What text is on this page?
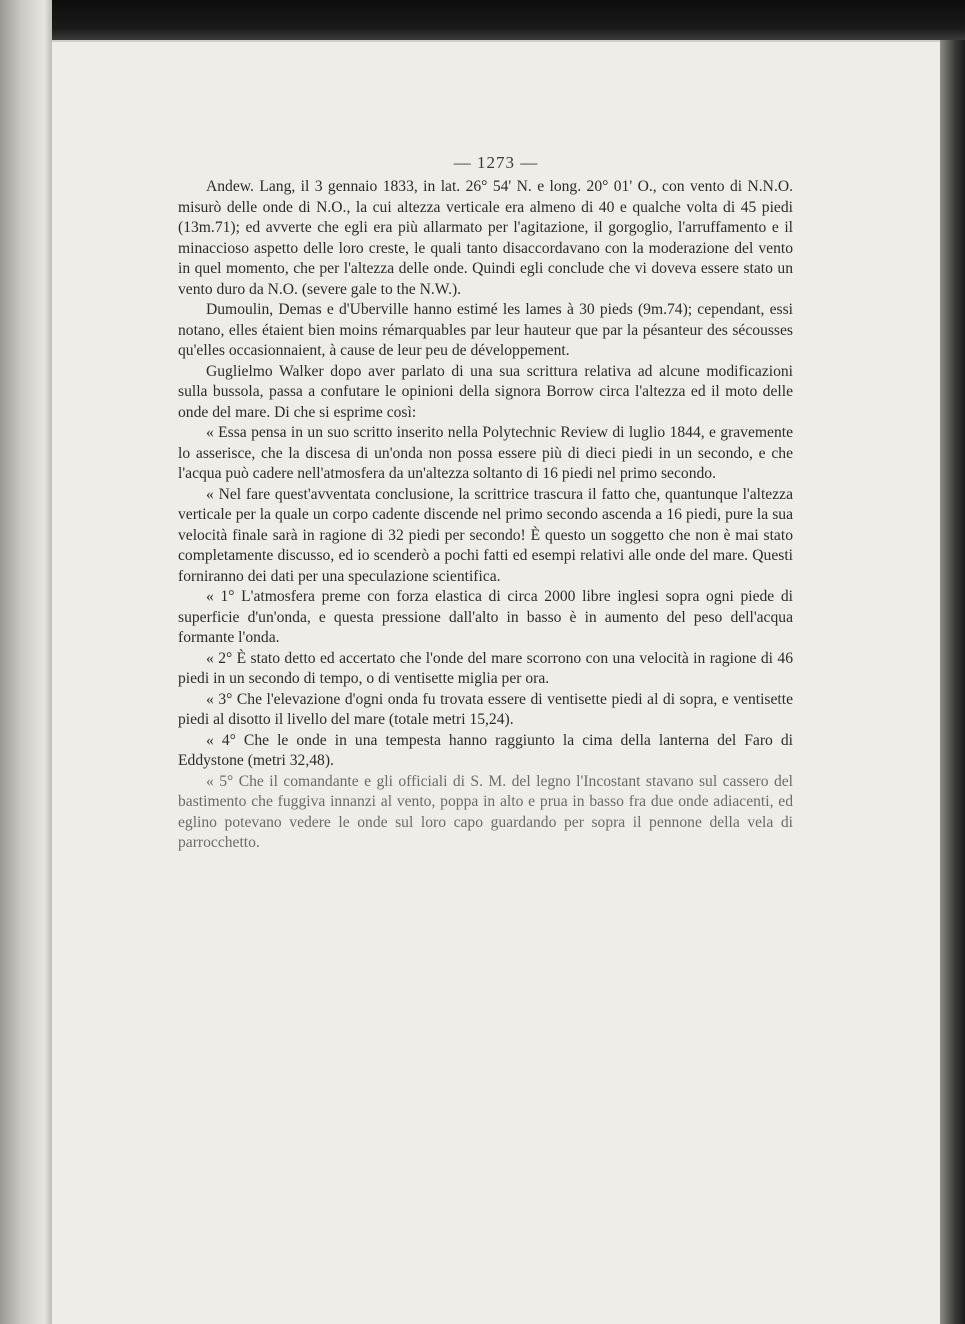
— 1273 —

Andew. Lang, il 3 gennaio 1833, in lat. 26° 54' N. e long. 20° 01' O., con vento di N.N.O. misurò delle onde di N.O., la cui altezza verticale era almeno di 40 e qualche volta di 45 piedi (13m.71); ed avverte che egli era più allarmato per l'agitazione, il gorgoglio, l'arruffamento e il minaccioso aspetto delle loro creste, le quali tanto disaccordavano con la moderazione del vento in quel momento, che per l'altezza delle onde. Quindi egli conclude che vi doveva essere stato un vento duro da N.O. (severe gale to the N.W.).

Dumoulin, Demas e d'Uberville hanno estimé les lames à 30 pieds (9m.74); cependant, essi notano, elles étaient bien moins rémarquables par leur hauteur que par la pésanteur des sécousses qu'elles occasionnaient, à cause de leur peu de développement.

Guglielmo Walker dopo aver parlato di una sua scrittura relativa ad alcune modificazioni sulla bussola, passa a confutare le opinioni della signora Borrow circa l'altezza ed il moto delle onde del mare. Di che si esprime così:

« Essa pensa in un suo scritto inserito nella Polytechnic Review di luglio 1844, e gravemente lo asserisce, che la discesa di un'onda non possa essere più di dieci piedi in un secondo, e che l'acqua può cadere nell'atmosfera da un'altezza soltanto di 16 piedi nel primo secondo.

« Nel fare quest'avventata conclusione, la scrittrice trascura il fatto che, quantunque l'altezza verticale per la quale un corpo cadente discende nel primo secondo ascenda a 16 piedi, pure la sua velocità finale sarà in ragione di 32 piedi per secondo! È questo un soggetto che non è mai stato completamente discusso, ed io scenderò a pochi fatti ed esempi relativi alle onde del mare. Questi forniranno dei dati per una speculazione scientifica.

« 1° L'atmosfera preme con forza elastica di circa 2000 libre inglesi sopra ogni piede di superficie d'un'onda, e questa pressione dall'alto in basso è in aumento del peso dell'acqua formante l'onda.

« 2° È stato detto ed accertato che l'onde del mare scorrono con una velocità in ragione di 46 piedi in un secondo di tempo, o di ventisette miglia per ora.

« 3° Che l'elevazione d'ogni onda fu trovata essere di ventisette piedi al di sopra, e ventisette piedi al disotto il livello del mare (totale metri 15,24).

« 4° Che le onde in una tempesta hanno raggiunto la cima della lanterna del Faro di Eddystone (metri 32,48).

« 5° Che il comandante e gli officiali di S. M. del legno l'Incostant stavano sul cassero del bastimento che fuggiva innanzi al vento, poppa in alto e prua in basso fra due onde adiacenti, ed eglino potevano vedere le onde sul loro capo guardando per sopra il pennone della vela di parrocchetto.
